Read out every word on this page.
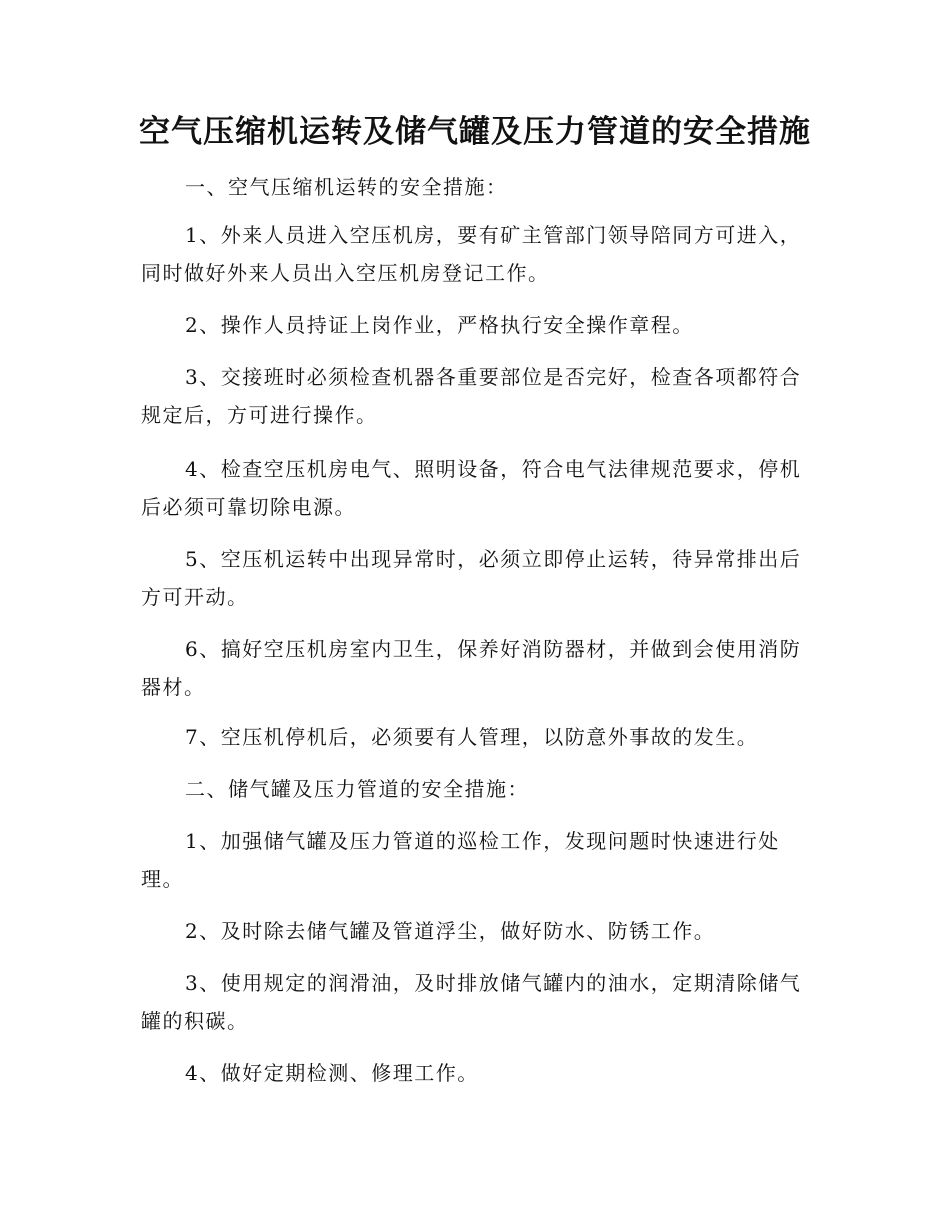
空气压缩机运转及储气罐及压力管道的安全措施

一、空气压缩机运转的安全措施：

1、外来人员进入空压机房，要有矿主管部门领导陪同方可进入，同时做好外来人员出入空压机房登记工作。

2、操作人员持证上岗作业，严格执行安全操作章程。

3、交接班时必须检查机器各重要部位是否完好，检查各项都符合规定后，方可进行操作。

4、检查空压机房电气、照明设备，符合电气法律规范要求，停机后必须可靠切除电源。

5、空压机运转中出现异常时，必须立即停止运转，待异常排出后方可开动。

6、搞好空压机房室内卫生，保养好消防器材，并做到会使用消防器材。

7、空压机停机后，必须要有人管理，以防意外事故的发生。

二、储气罐及压力管道的安全措施：

1、加强储气罐及压力管道的巡检工作，发现问题时快速进行处理。

2、及时除去储气罐及管道浮尘，做好防水、防锈工作。

3、使用规定的润滑油，及时排放储气罐内的油水，定期清除储气罐的积碳。

4、做好定期检测、修理工作。
